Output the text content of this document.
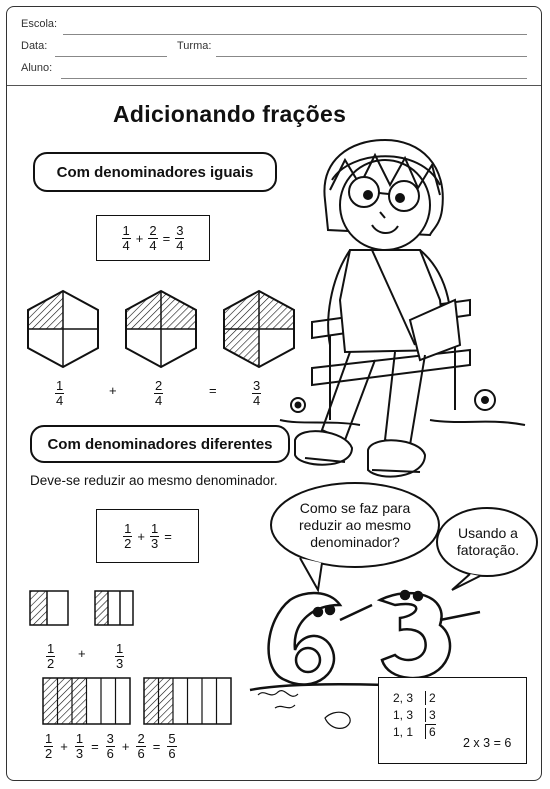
Escola:
Data:	Turma:
Aluno:
Adicionando frações
Com denominadores iguais
1
$4 + \frac{2}{4} = \frac{3}{4}$
$\frac{1}{4}$	+	$\frac{2}{4}$	=	$\frac{3}{4}$
Com denominadores diferentes
Deve-se reduzir ao mesmo denominador.
1
$2 + \frac{1}{3}$ =
$\frac{1}{2} + \frac{1}{3}$
1
$2 + \frac{1}{3} = \frac{3}{6} + \frac{2}{6} = \frac{5}{6}$
Como se faz para
reduzir ao mesmo
denominador?
Usando a
fatoração.
2, 3 2
1, 3 3
1, 1 6
2 x 3 = 6
